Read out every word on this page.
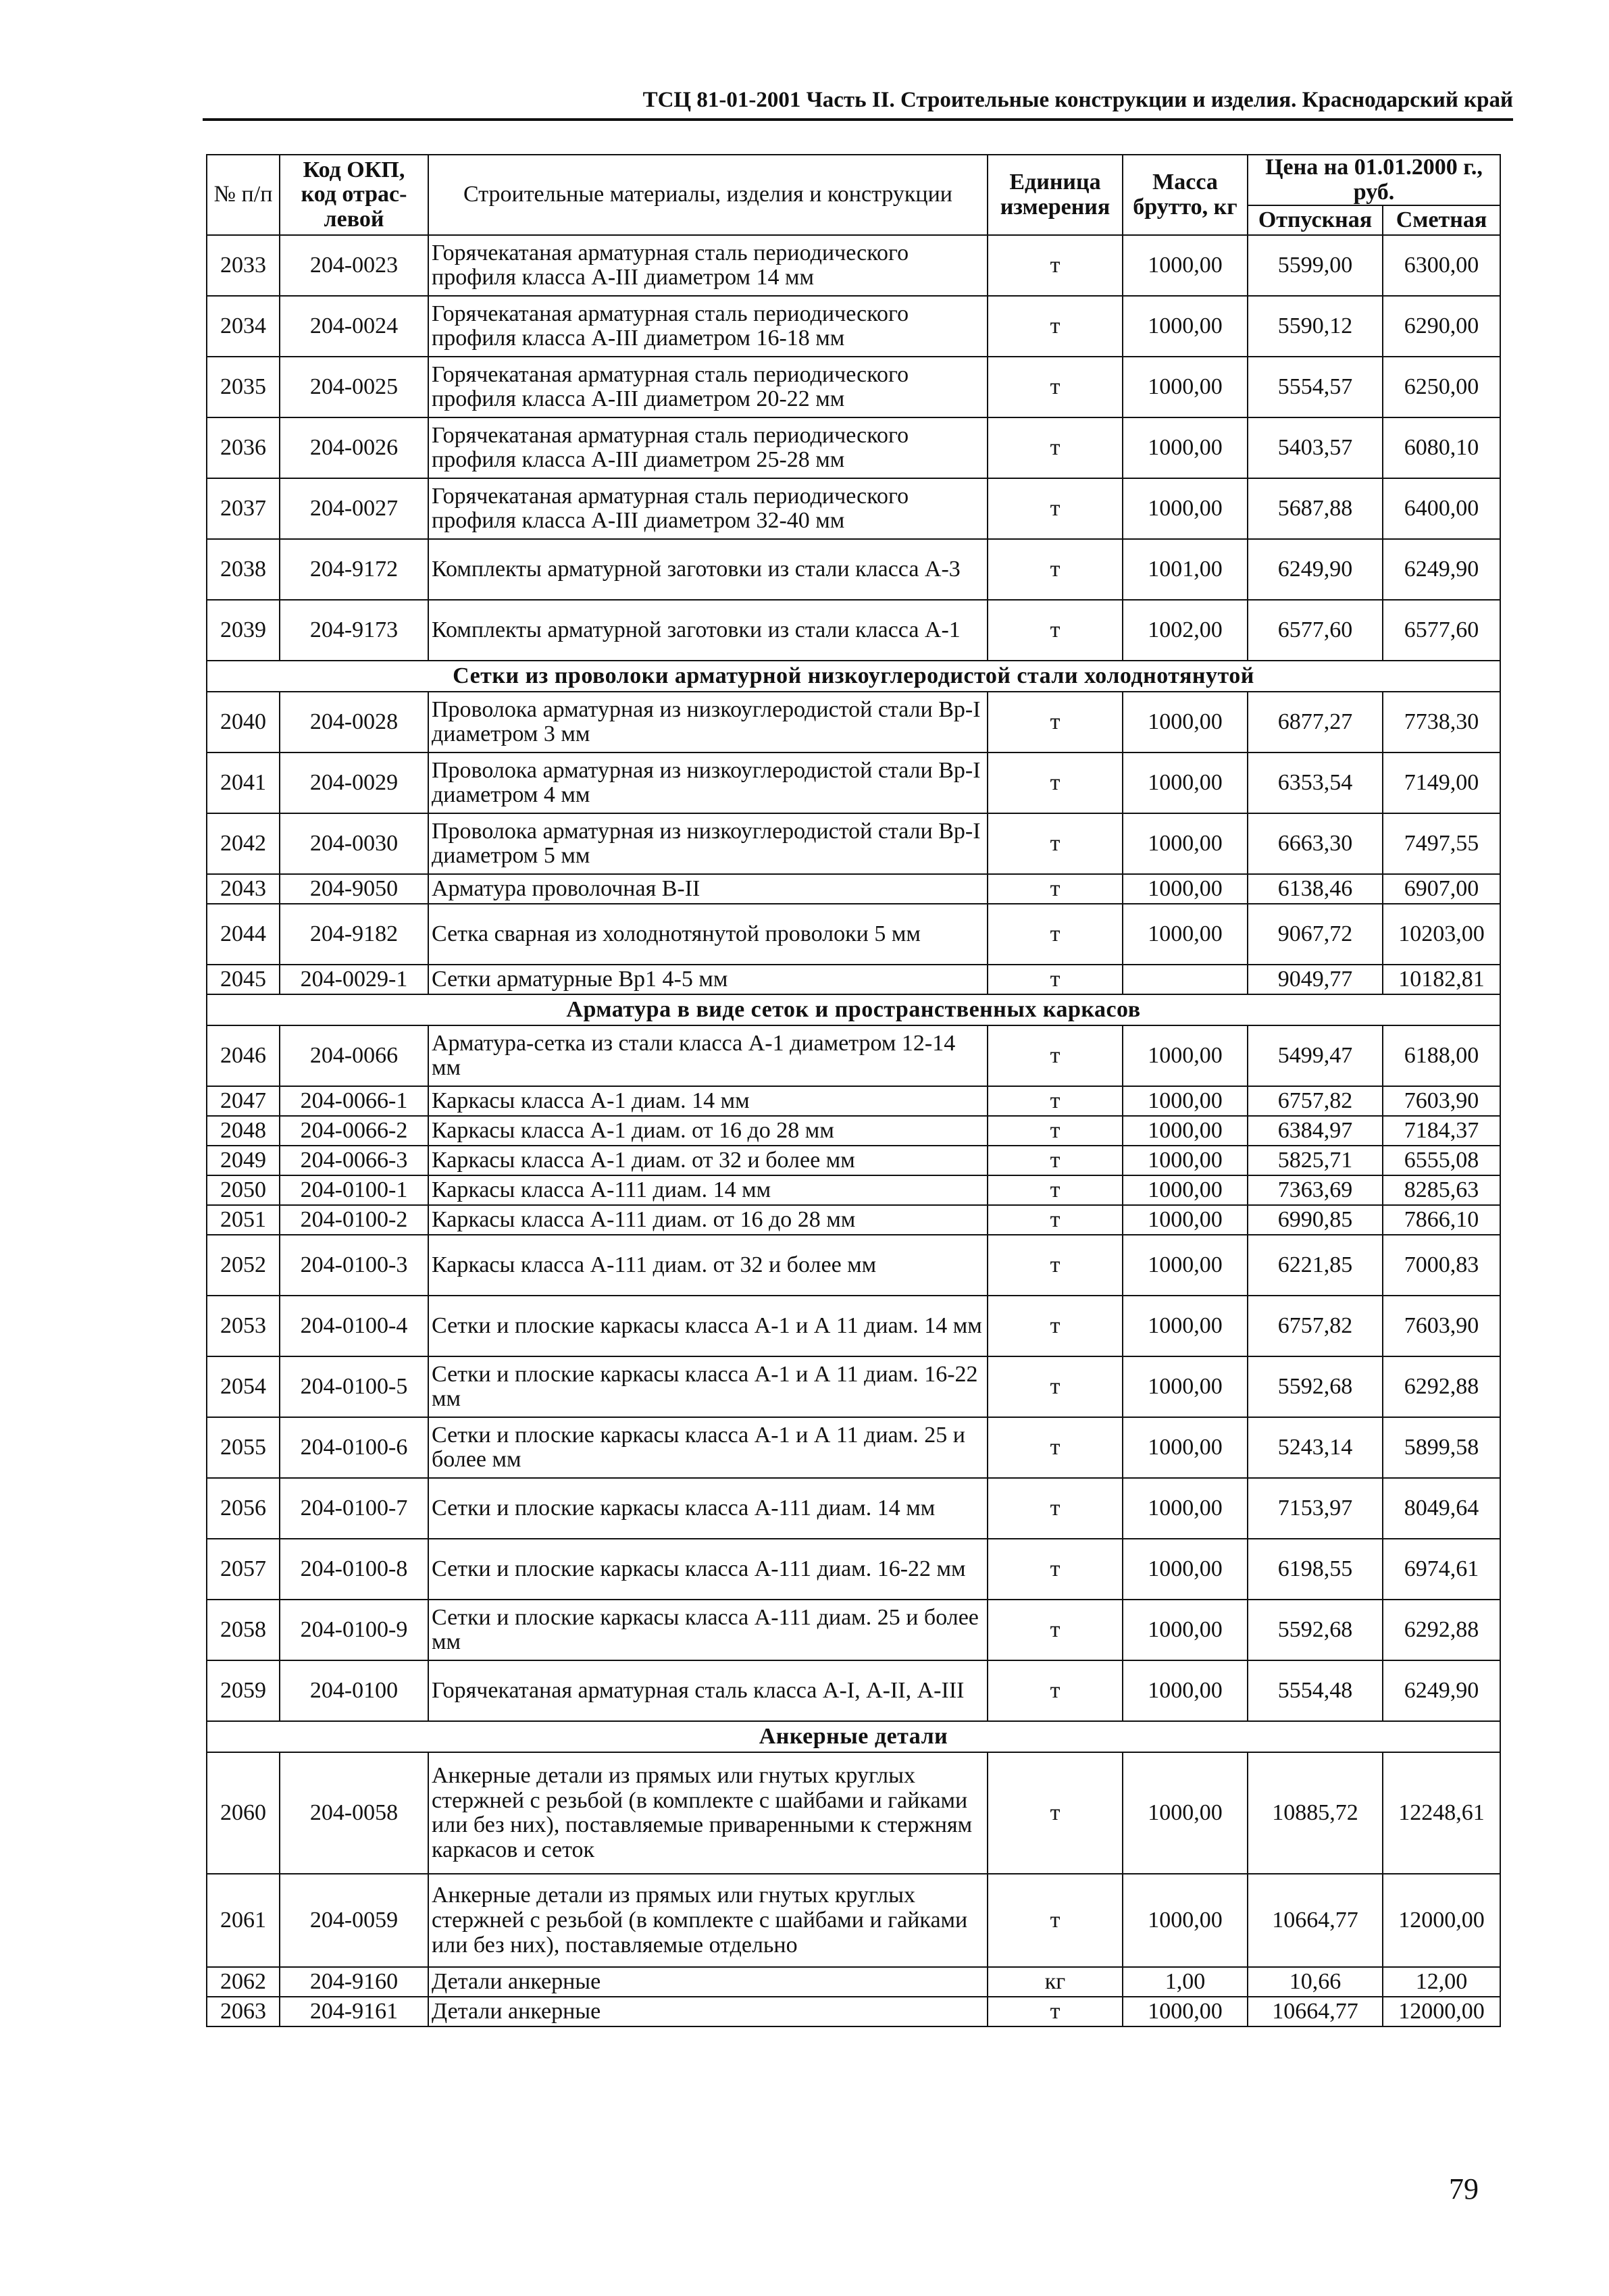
ТСЦ 81-01-2001 Часть II. Строительные конструкции и изделия. Краснодарский край
№ п/п	Код ОКП, код отрас-левой	Строительные материалы, изделия и конструкции	Единица измерения	Масса брутто, кг	Цена на 01.01.2000 г., руб.	
					Отпускная	Сметная
2033	204-0023	Горячекатаная арматурная сталь периодического профиля класса А-III диаметром 14 мм	т	1000,00	5599,00	6300,00
2034	204-0024	Горячекатаная арматурная сталь периодического профиля класса А-III диаметром 16-18 мм	т	1000,00	5590,12	6290,00
2035	204-0025	Горячекатаная арматурная сталь периодического профиля класса А-III диаметром 20-22 мм	т	1000,00	5554,57	6250,00
2036	204-0026	Горячекатаная арматурная сталь периодического профиля класса А-III диаметром 25-28 мм	т	1000,00	5403,57	6080,10
2037	204-0027	Горячекатаная арматурная сталь периодического профиля класса А-III диаметром 32-40 мм	т	1000,00	5687,88	6400,00
2038	204-9172	Комплекты арматурной заготовки из стали класса А-3	т	1001,00	6249,90	6249,90
2039	204-9173	Комплекты арматурной заготовки из стали класса А-1	т	1002,00	6577,60	6577,60
Сетки из проволоки арматурной низкоуглеродистой стали холоднотянутой						
2040	204-0028	Проволока арматурная из низкоуглеродистой стали Вр-I диаметром 3 мм	т	1000,00	6877,27	7738,30
2041	204-0029	Проволока арматурная из низкоуглеродистой стали Вр-I диаметром 4 мм	т	1000,00	6353,54	7149,00
2042	204-0030	Проволока арматурная из низкоуглеродистой стали Вр-I диаметром 5 мм	т	1000,00	6663,30	7497,55
2043	204-9050	Арматура проволочная В-II	т	1000,00	6138,46	6907,00
2044	204-9182	Сетка сварная из холоднотянутой проволоки 5 мм	т	1000,00	9067,72	10203,00
2045	204-0029-1	Сетки арматурные Вр1 4-5 мм	т		9049,77	10182,81
Арматура в виде сеток и пространственных каркасов						
2046	204-0066	Арматура-сетка из стали класса А-1 диаметром 12-14 мм	т	1000,00	5499,47	6188,00
2047	204-0066-1	Каркасы класса А-1 диам. 14 мм	т	1000,00	6757,82	7603,90
2048	204-0066-2	Каркасы класса А-1 диам. от 16 до 28 мм	т	1000,00	6384,97	7184,37
2049	204-0066-3	Каркасы класса А-1 диам. от 32 и более мм	т	1000,00	5825,71	6555,08
2050	204-0100-1	Каркасы класса А-111 диам. 14 мм	т	1000,00	7363,69	8285,63
2051	204-0100-2	Каркасы класса А-111 диам. от 16 до 28 мм	т	1000,00	6990,85	7866,10
2052	204-0100-3	Каркасы класса А-111 диам. от 32 и более мм	т	1000,00	6221,85	7000,83
2053	204-0100-4	Сетки и плоские каркасы класса А-1 и А 11 диам. 14 мм	т	1000,00	6757,82	7603,90
2054	204-0100-5	Сетки и плоские каркасы класса А-1 и А 11 диам. 16-22 мм	т	1000,00	5592,68	6292,88
2055	204-0100-6	Сетки и плоские каркасы класса А-1 и А 11 диам. 25 и более мм	т	1000,00	5243,14	5899,58
2056	204-0100-7	Сетки и плоские каркасы класса А-111 диам. 14 мм	т	1000,00	7153,97	8049,64
2057	204-0100-8	Сетки и плоские каркасы класса А-111 диам. 16-22 мм	т	1000,00	6198,55	6974,61
2058	204-0100-9	Сетки и плоские каркасы класса А-111 диам. 25 и более мм	т	1000,00	5592,68	6292,88
2059	204-0100	Горячекатаная арматурная сталь класса А-I, А-II, А-III	т	1000,00	5554,48	6249,90
Анкерные детали						
2060	204-0058	Анкерные детали из прямых или гнутых круглых стержней с резьбой (в комплекте с шайбами и гайками или без них), поставляемые приваренными к стержням каркасов и сеток	т	1000,00	10885,72	12248,61
2061	204-0059	Анкерные детали из прямых или гнутых круглых стержней с резьбой (в комплекте с шайбами и гайками или без них), поставляемые отдельно	т	1000,00	10664,77	12000,00
2062	204-9160	Детали анкерные	кг	1,00	10,66	12,00
2063	204-9161	Детали анкерные	т	1000,00	10664,77	12000,00
79
